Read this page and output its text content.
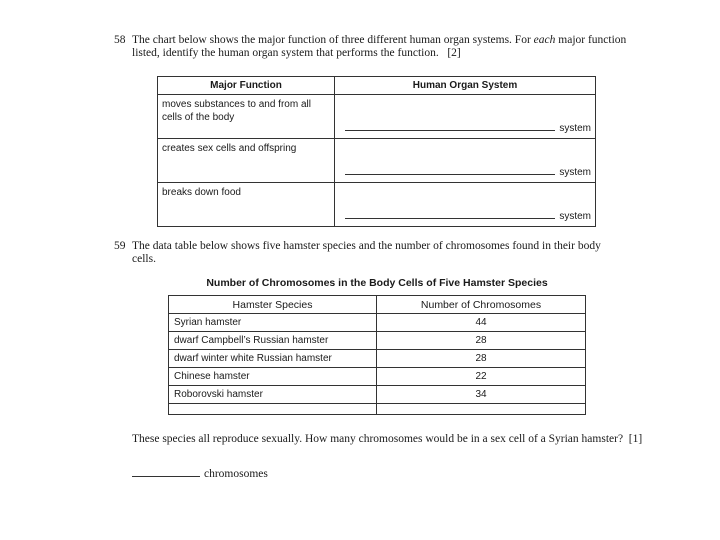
58 The chart below shows the major function of three different human organ systems. For each major function
listed, identify the human organ system that performs the function. [2]
Major Function	Human Organ System

moves substances to and from all
cells of the body	system

creates sex cells and offspring	system

breaks down food	system
59 The data table below shows five hamster species and the number of chromosomes found in their body
cells.
Number of Chromosomes in the Body Cells of Five Hamster Species
Hamster Species	Number of Chromosomes
Syrian hamster	44
dwarf Campbell’s Russian hamster	28
dwarf winter white Russian hamster	28
Chinese hamster	22
Roborovski hamster	34

These species all reproduce sexually. How many chromosomes would be in a sex cell of a Syrian hamster? [1]
chromosomes
